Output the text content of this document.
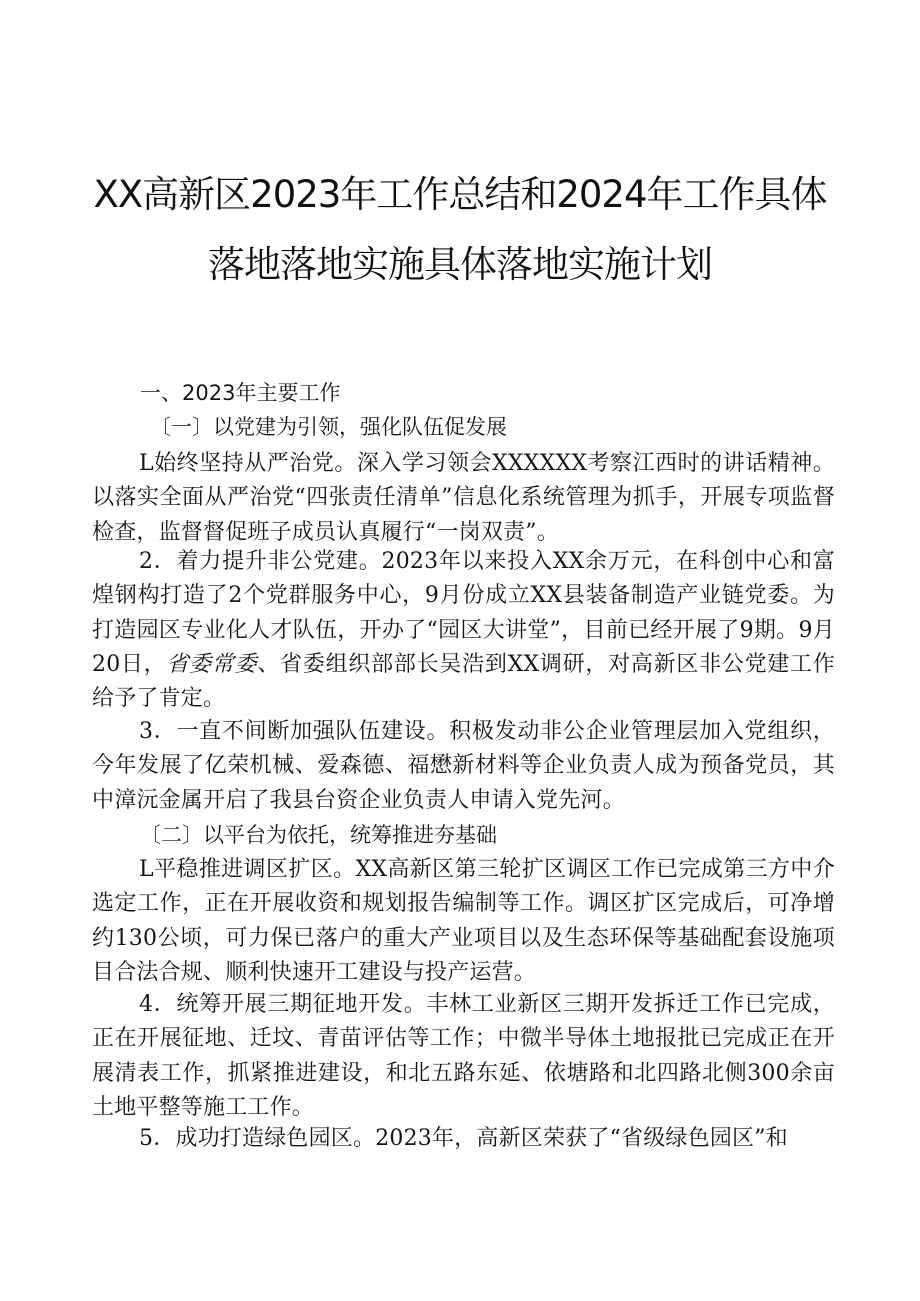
XX高新区2023年工作总结和2024年工作具体
落地落地实施具体落地实施计划
一、2023年主要工作
〔一〕以党建为引领，强化队伍促发展
L始终坚持从严治党。深入学习领会XXXXXX考察江西时的讲话精神。以落实全面从严治党“四张责任清单”信息化系统管理为抓手，开展专项监督检查，监督督促班子成员认真履行“一岗双责”。
2．着力提升非公党建。2023年以来投入XX余万元，在科创中心和富煌钢构打造了2个党群服务中心，9月份成立XX县装备制造产业链党委。为打造园区专业化人才队伍，开办了“园区大讲堂”，目前已经开展了9期。9月20日，省委常委、省委组织部部长吴浩到XX调研，对高新区非公党建工作给予了肯定。
3．一直不间断加强队伍建设。积极发动非公企业管理层加入党组织，今年发展了亿荣机械、爱森德、福懋新材料等企业负责人成为预备党员，其中漳沅金属开启了我县台资企业负责人申请入党先河。
〔二〕以平台为依托，统筹推进夯基础
L平稳推进调区扩区。XX高新区第三轮扩区调区工作已完成第三方中介选定工作，正在开展收资和规划报告编制等工作。调区扩区完成后，可净增约130公顷，可力保已落户的重大产业项目以及生态环保等基础配套设施项目合法合规、顺利快速开工建设与投产运营。
4．统筹开展三期征地开发。丰林工业新区三期开发拆迁工作已完成，正在开展征地、迁坟、青苗评估等工作；中微半导体土地报批已完成正在开展清表工作，抓紧推进建设，和北五路东延、依塘路和北四路北侧300余亩土地平整等施工工作。
5．成功打造绿色园区。2023年，高新区荣获了“省级绿色园区”和
